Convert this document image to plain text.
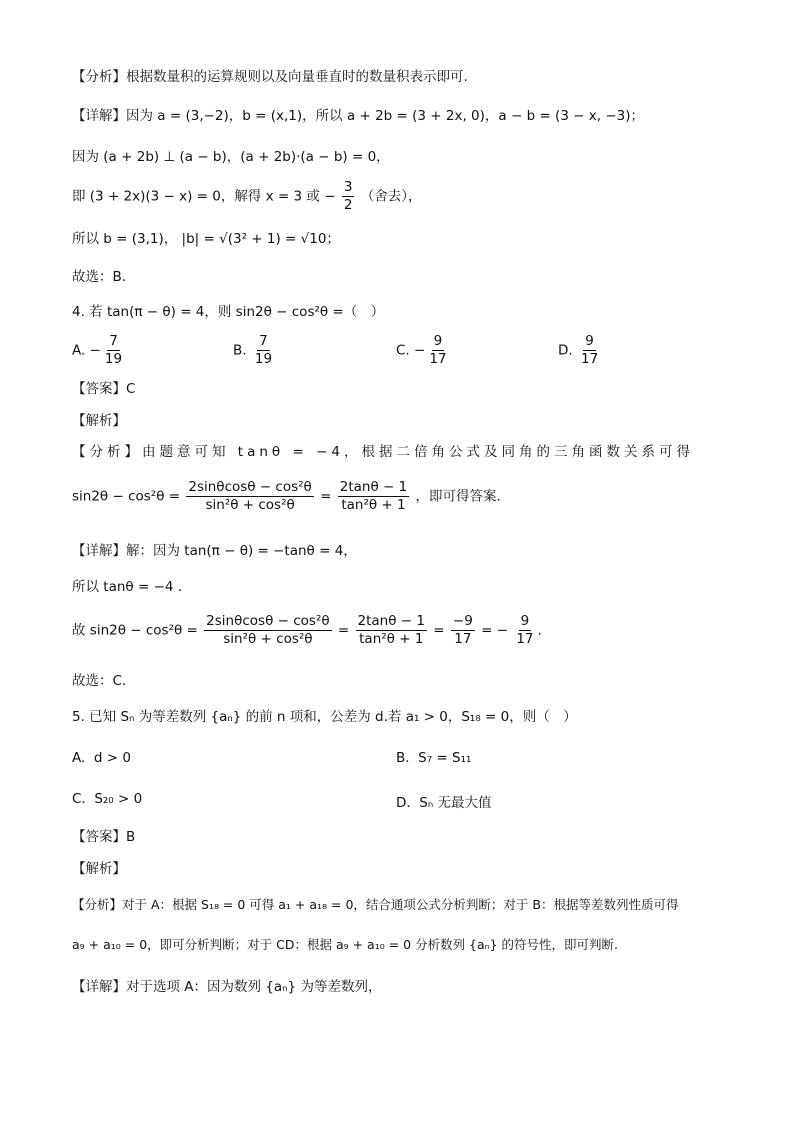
【分析】根据数量积的运算规则以及向量垂直时的数量积表示即可.
【详解】因为 a = (3,−2)，b = (x,1)，所以 a + 2b = (3 + 2x, 0)，a − b = (3 − x, −3)；
因为 (a + 2b) ⊥ (a − b)，(a + 2b)·(a − b) = 0，
即 (3 + 2x)(3 − x) = 0，解得 x = 3 或 − $\frac{3}{2}$ （舍去），
所以 b = (3,1)， |b| = √(3² + 1) = √10；
故选：B.
4. 若 tan(π − θ) = 4，则 sin2θ − cos²θ =（　）
A. − $\frac{7}{19}$	B. $\frac{7}{19}$	C. − $\frac{9}{17}$	D. $\frac{9}{17}$
【答案】C
【解析】
【分析】由题意可知 tanθ = −4，根据二倍角公式及同角的三角函数关系可得
$\sin 2\theta - \cos^2\theta = \frac{\text{2sinθcosθ − cos²θ}}{\text{sin²θ + cos²θ}} = \frac{2\tan\theta - 1}{\text{tan²θ + 1}}$ ，即可得答案.
【详解】解：因为 tan(π − θ) = −tanθ = 4，
所以 tanθ = −4 .
故 $\sin 2\theta - \cos^2\theta = \frac{\text{2sinθcosθ − cos²θ}}{\text{sin²θ + cos²θ}} = \frac{2\tan\theta - 1}{\text{tan²θ + 1}} = \frac{-9}{17}$ = − $\frac{9}{17}$ .
故选：C.
5. 已知 Sₙ 为等差数列 {aₙ} 的前 n 项和，公差为 d.若 a₁ > 0，S₁₈ = 0，则（　）
A. d > 0	B. S₇ = S₁₁
C. S₂₀ > 0	D. Sₙ 无最大值
【答案】B
【解析】
【分析】对于 A：根据 S₁₈ = 0 可得 a₁ + a₁₈ = 0，结合通项公式分析判断；对于 B：根据等差数列性质可得
a₉ + a₁₀ = 0，即可分析判断；对于 CD：根据 a₉ + a₁₀ = 0 分析数列 {aₙ} 的符号性，即可判断.
【详解】对于选项 A：因为数列 {aₙ} 为等差数列，
